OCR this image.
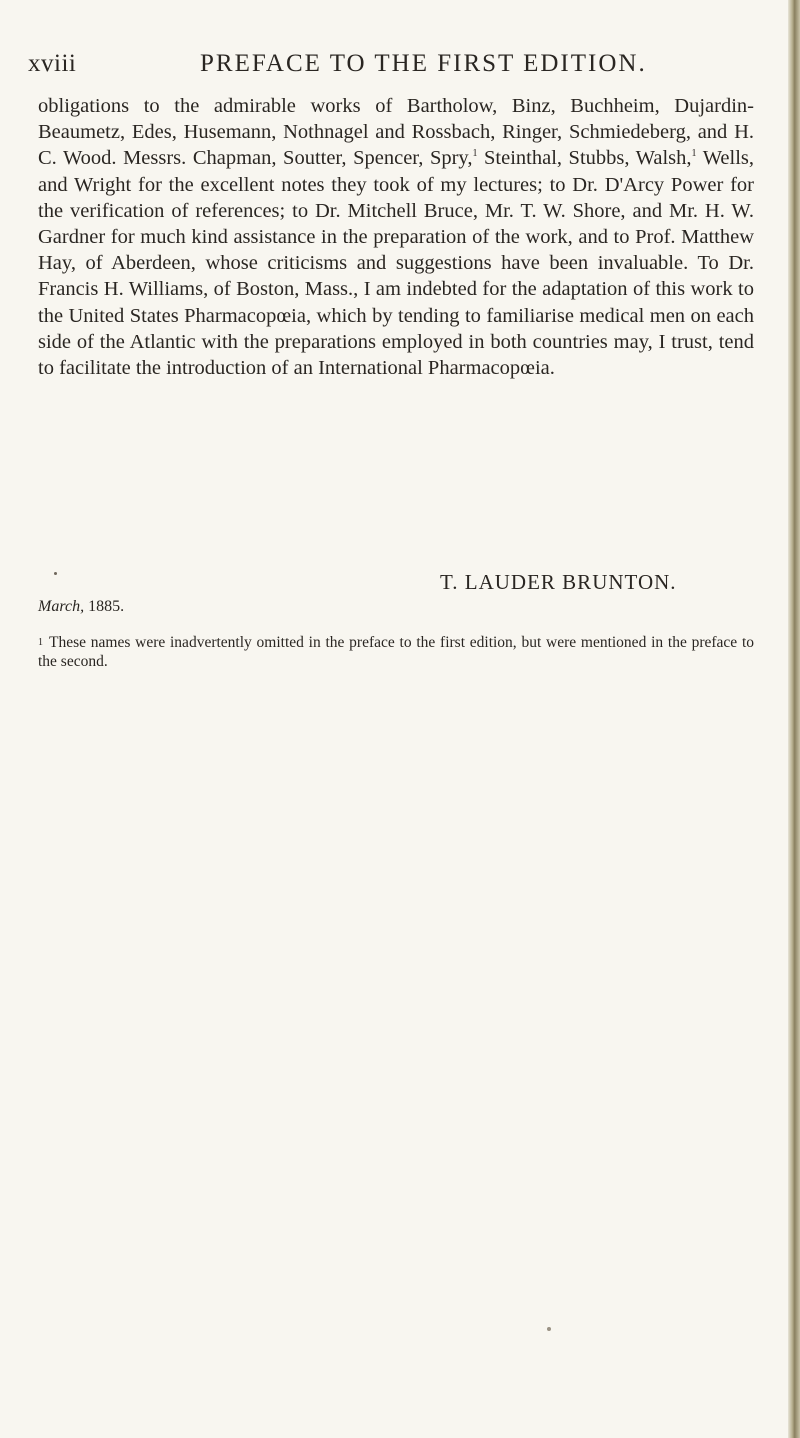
xviii	PREFACE TO THE FIRST EDITION.

obligations to the admirable works of Bartholow, Binz, Buchheim, Dujardin-Beaumetz, Edes, Husemann, Nothnagel and Rossbach, Ringer, Schmiedeberg, and H. C. Wood. Messrs. Chapman, Soutter, Spencer, Spry,$^1$ Steinthal, Stubbs, Walsh,$^1$ Wells, and Wright for the excellent notes they took of my lectures; to Dr. D'Arcy Power for the verification of references; to Dr. Mitchell Bruce, Mr. T. W. Shore, and Mr. H. W. Gardner for much kind assistance in the preparation of the work, and to Prof. Matthew Hay, of Aberdeen, whose criticisms and suggestions have been invaluable. To Dr. Francis H. Williams, of Boston, Mass., I am indebted for the adaptation of this work to the United States Pharmacopœia, which by tending to familiarise medical men on each side of the Atlantic with the preparations employed in both countries may, I trust, tend to facilitate the introduction of an International Pharmacopœia.

T. LAUDER BRUNTON.
March, 1885.

$^1$ These names were inadvertently omitted in the preface to the first edition, but were mentioned in the preface to the second.
